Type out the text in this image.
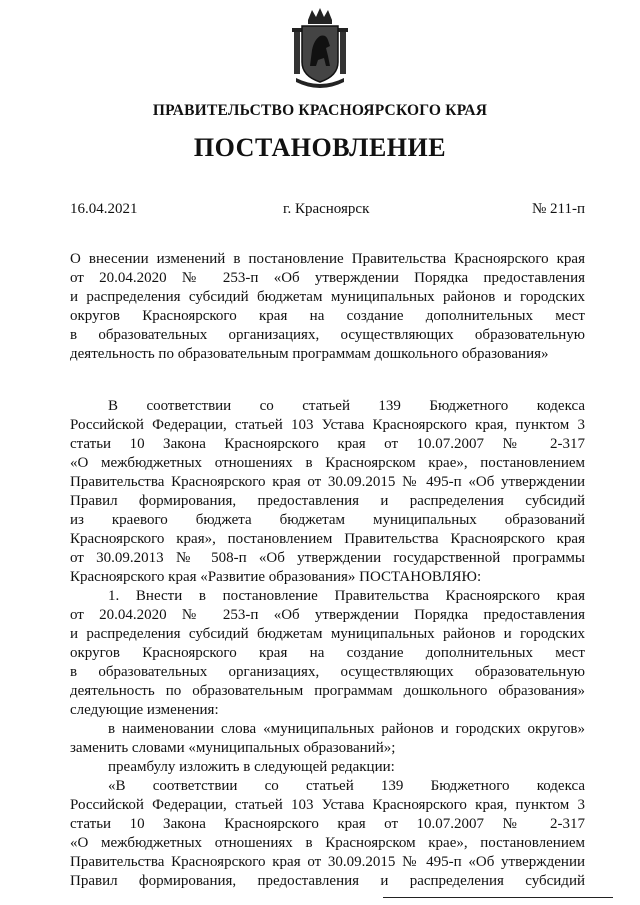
ПРАВИТЕЛЬСТВО КРАСНОЯРСКОГО КРАЯ
ПОСТАНОВЛЕНИЕ
16.04.2021	г. Красноярск	№ 211-п
О внесении изменений в постановление Правительства Красноярского края
от 20.04.2020 № 253-п «Об утверждении Порядка предоставления
и распределения субсидий бюджетам муниципальных районов и городских
округов Красноярского края на создание дополнительных мест
в образовательных организациях, осуществляющих образовательную
деятельность по образовательным программам дошкольного образования»
В соответствии со статьей 139 Бюджетного кодекса
Российской Федерации, статьей 103 Устава Красноярского края, пунктом 3
статьи 10 Закона Красноярского края от 10.07.2007 № 2-317
«О межбюджетных отношениях в Красноярском крае», постановлением
Правительства Красноярского края от 30.09.2015 № 495-п «Об утверждении
Правил формирования, предоставления и распределения субсидий
из краевого бюджета бюджетам муниципальных образований
Красноярского края», постановлением Правительства Красноярского края
от 30.09.2013 № 508-п «Об утверждении государственной программы
Красноярского края «Развитие образования» ПОСТАНОВЛЯЮ:
1. Внести в постановление Правительства Красноярского края
от 20.04.2020 № 253-п «Об утверждении Порядка предоставления
и распределения субсидий бюджетам муниципальных районов и городских
округов Красноярского края на создание дополнительных мест
в образовательных организациях, осуществляющих образовательную
деятельность по образовательным программам дошкольного образования»
следующие изменения:
в наименовании слова «муниципальных районов и городских округов»
заменить словами «муниципальных образований»;
преамбулу изложить в следующей редакции:
«В соответствии со статьей 139 Бюджетного кодекса
Российской Федерации, статьей 103 Устава Красноярского края, пунктом 3
статьи 10 Закона Красноярского края от 10.07.2007 № 2-317
«О межбюджетных отношениях в Красноярском крае», постановлением
Правительства Красноярского края от 30.09.2015 № 495-п «Об утверждении
Правил формирования, предоставления и распределения субсидий
